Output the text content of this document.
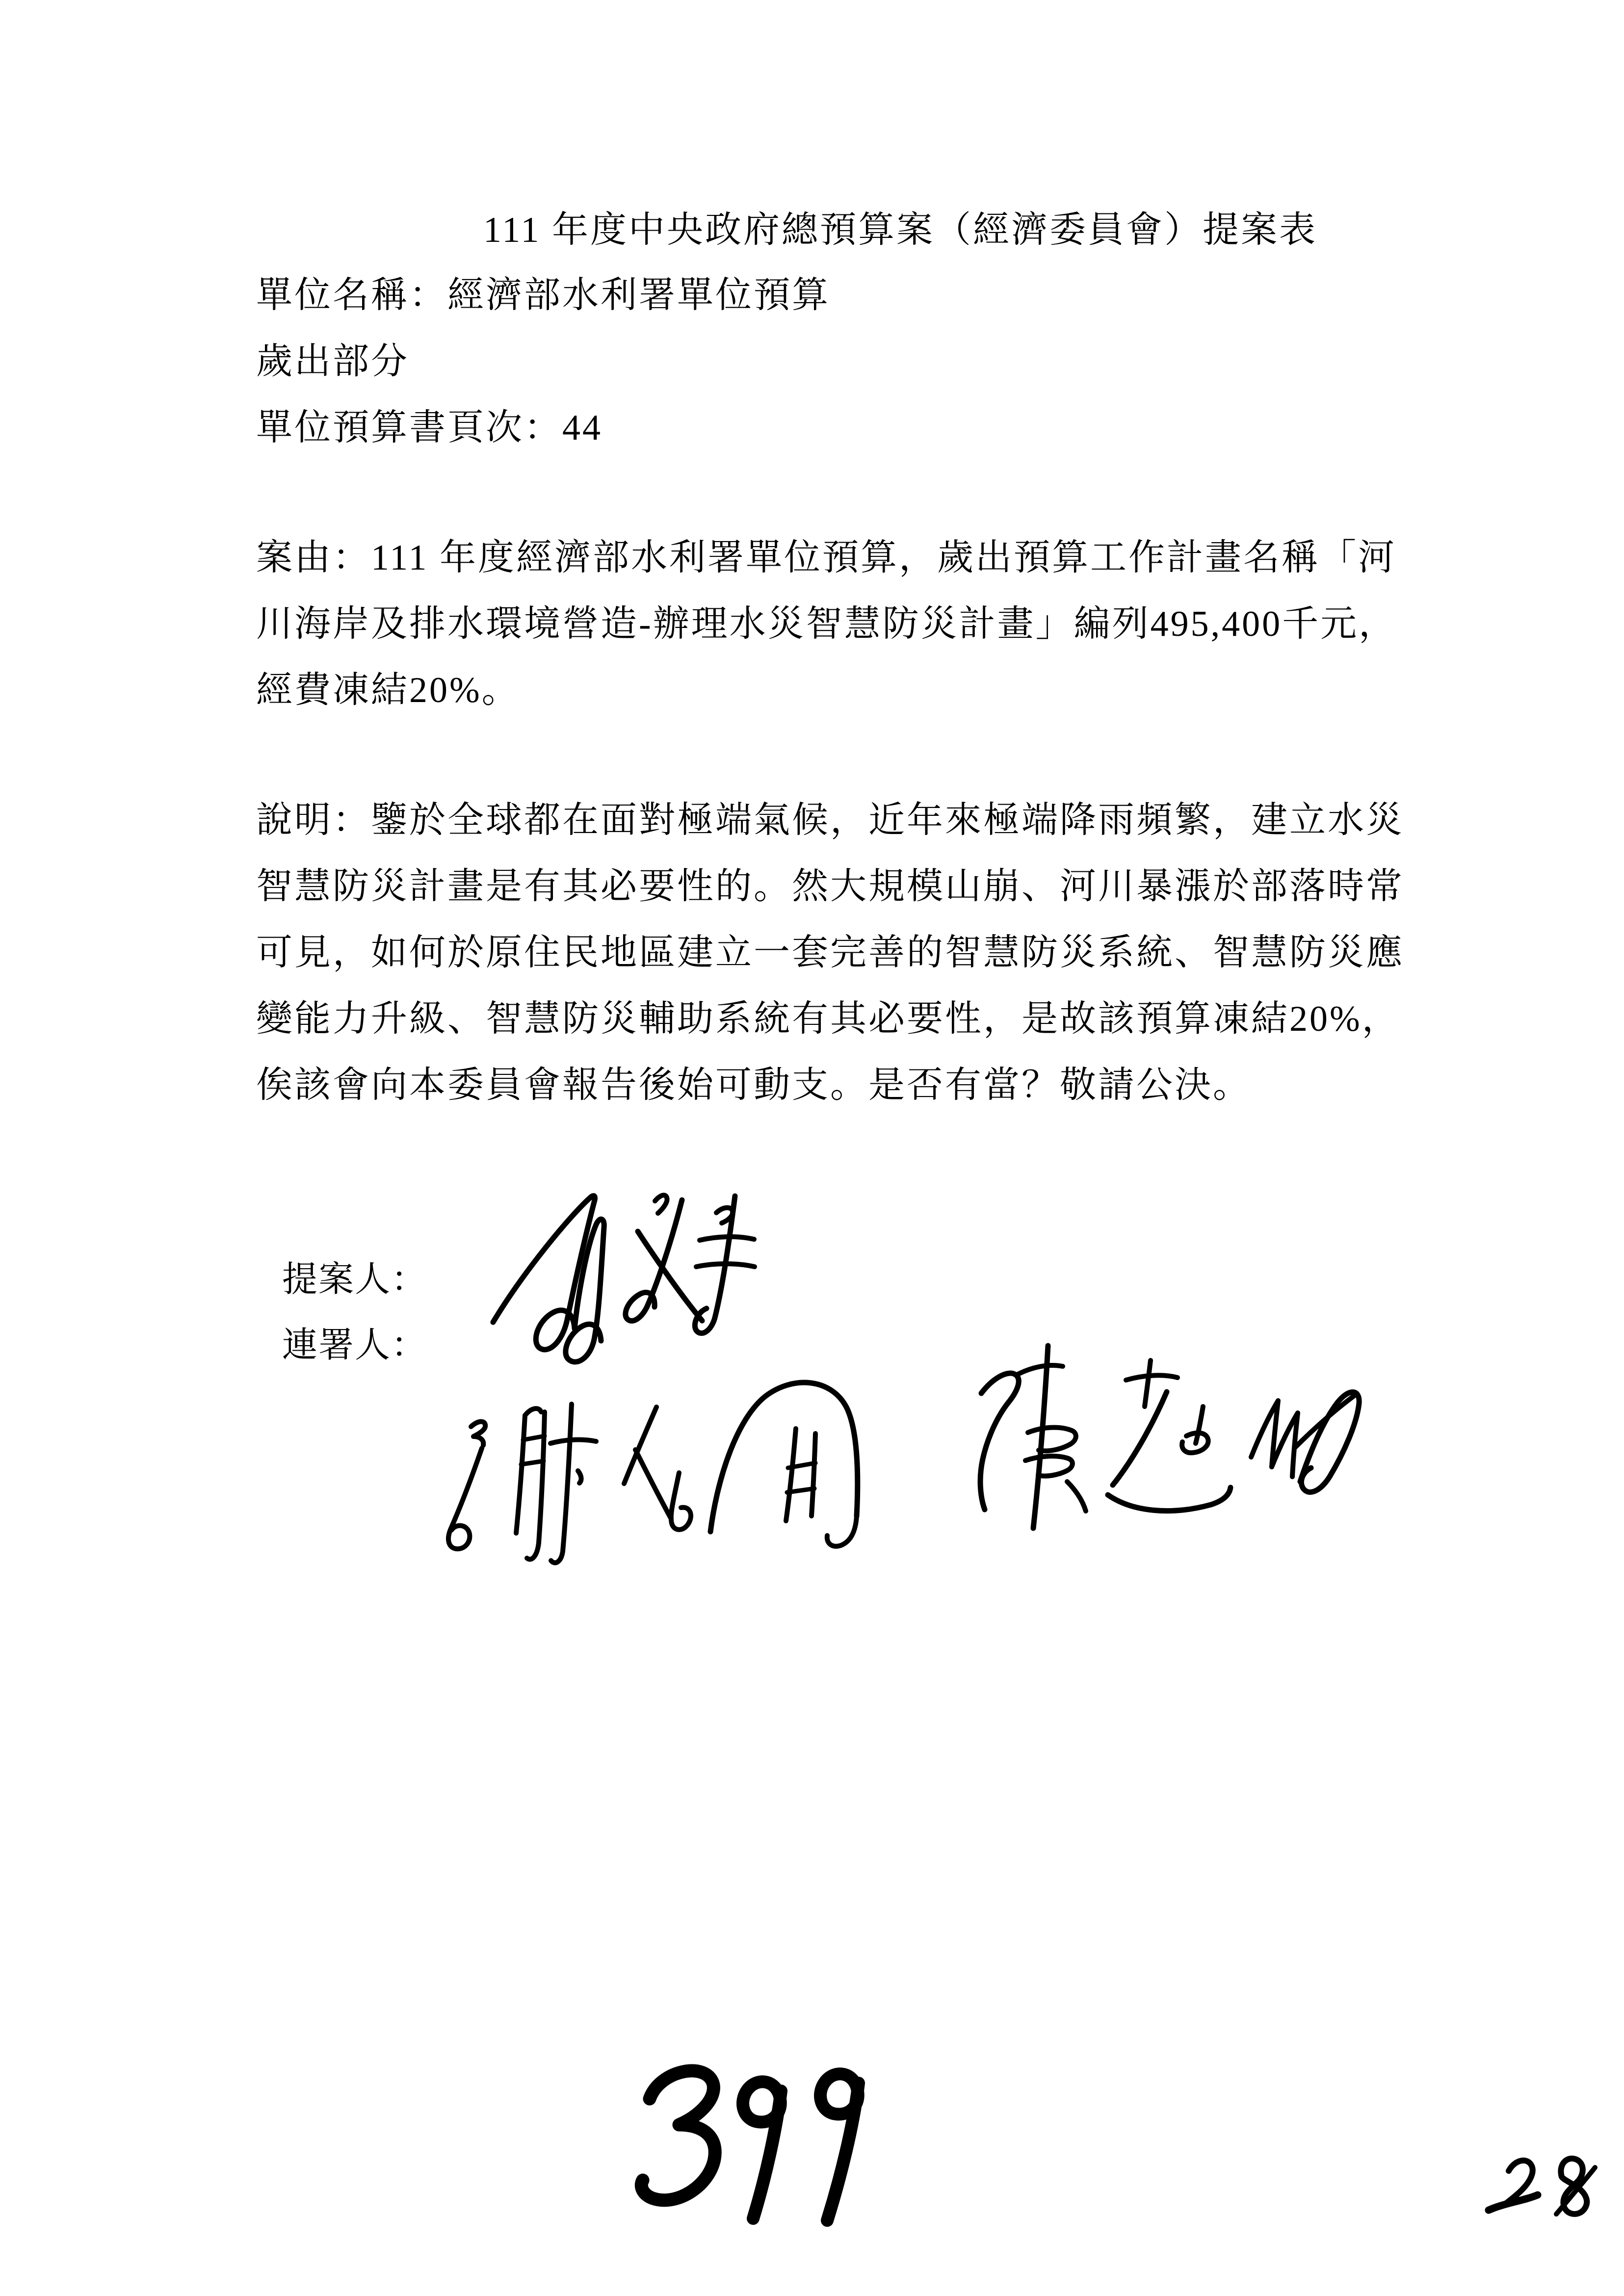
111 年度中央政府總預算案（經濟委員會）提案表
單位名稱：經濟部水利署單位預算
歲出部分
單位預算書頁次：44
案由：111 年度經濟部水利署單位預算，歲出預算工作計畫名稱「河
川海岸及排水環境營造-辦理水災智慧防災計畫」編列495,400千元，
經費凍結20%。
說明：鑒於全球都在面對極端氣候，近年來極端降雨頻繁，建立水災
智慧防災計畫是有其必要性的。然大規模山崩、河川暴漲於部落時常
可見，如何於原住民地區建立一套完善的智慧防災系統、智慧防災應
變能力升級、智慧防災輔助系統有其必要性，是故該預算凍結20%，
俟該會向本委員會報告後始可動支。是否有當？敬請公決。
提案人：
連署人：
